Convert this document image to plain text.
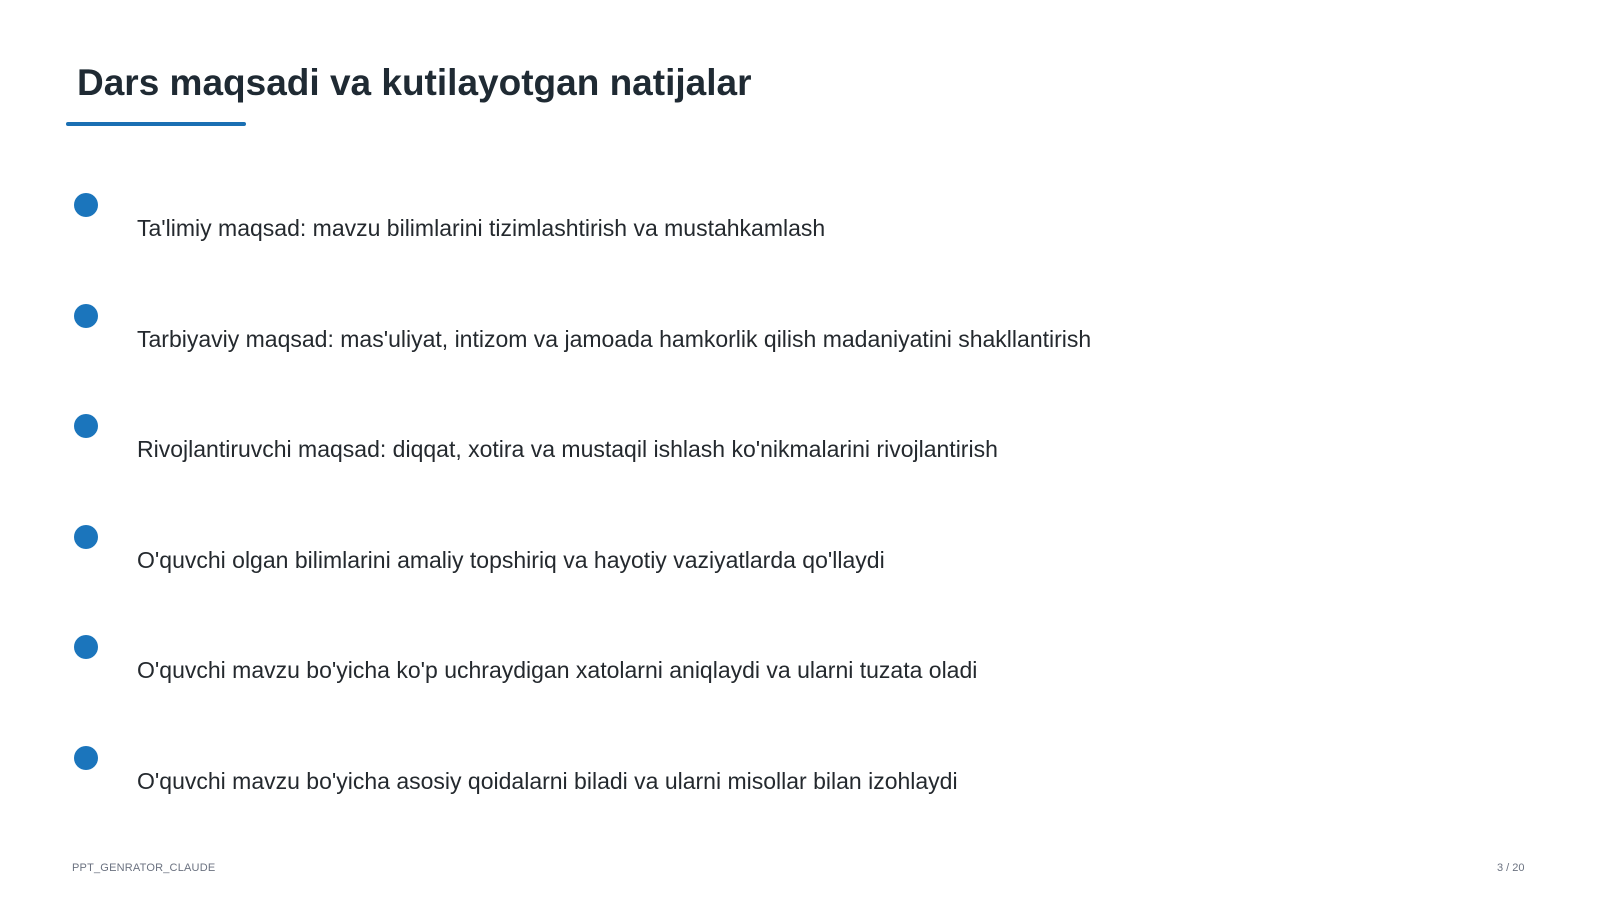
Dars maqsadi va kutilayotgan natijalar
Ta'limiy maqsad: mavzu bilimlarini tizimlashtirish va mustahkamlash
Tarbiyaviy maqsad: mas'uliyat, intizom va jamoada hamkorlik qilish madaniyatini shakllantirish
Rivojlantiruvchi maqsad: diqqat, xotira va mustaqil ishlash ko'nikmalarini rivojlantirish
O'quvchi olgan bilimlarini amaliy topshiriq va hayotiy vaziyatlarda qo'llaydi
O'quvchi mavzu bo'yicha ko'p uchraydigan xatolarni aniqlaydi va ularni tuzata oladi
O'quvchi mavzu bo'yicha asosiy qoidalarni biladi va ularni misollar bilan izohlaydi
PPT_GENRATOR_CLAUDE	3 / 20
